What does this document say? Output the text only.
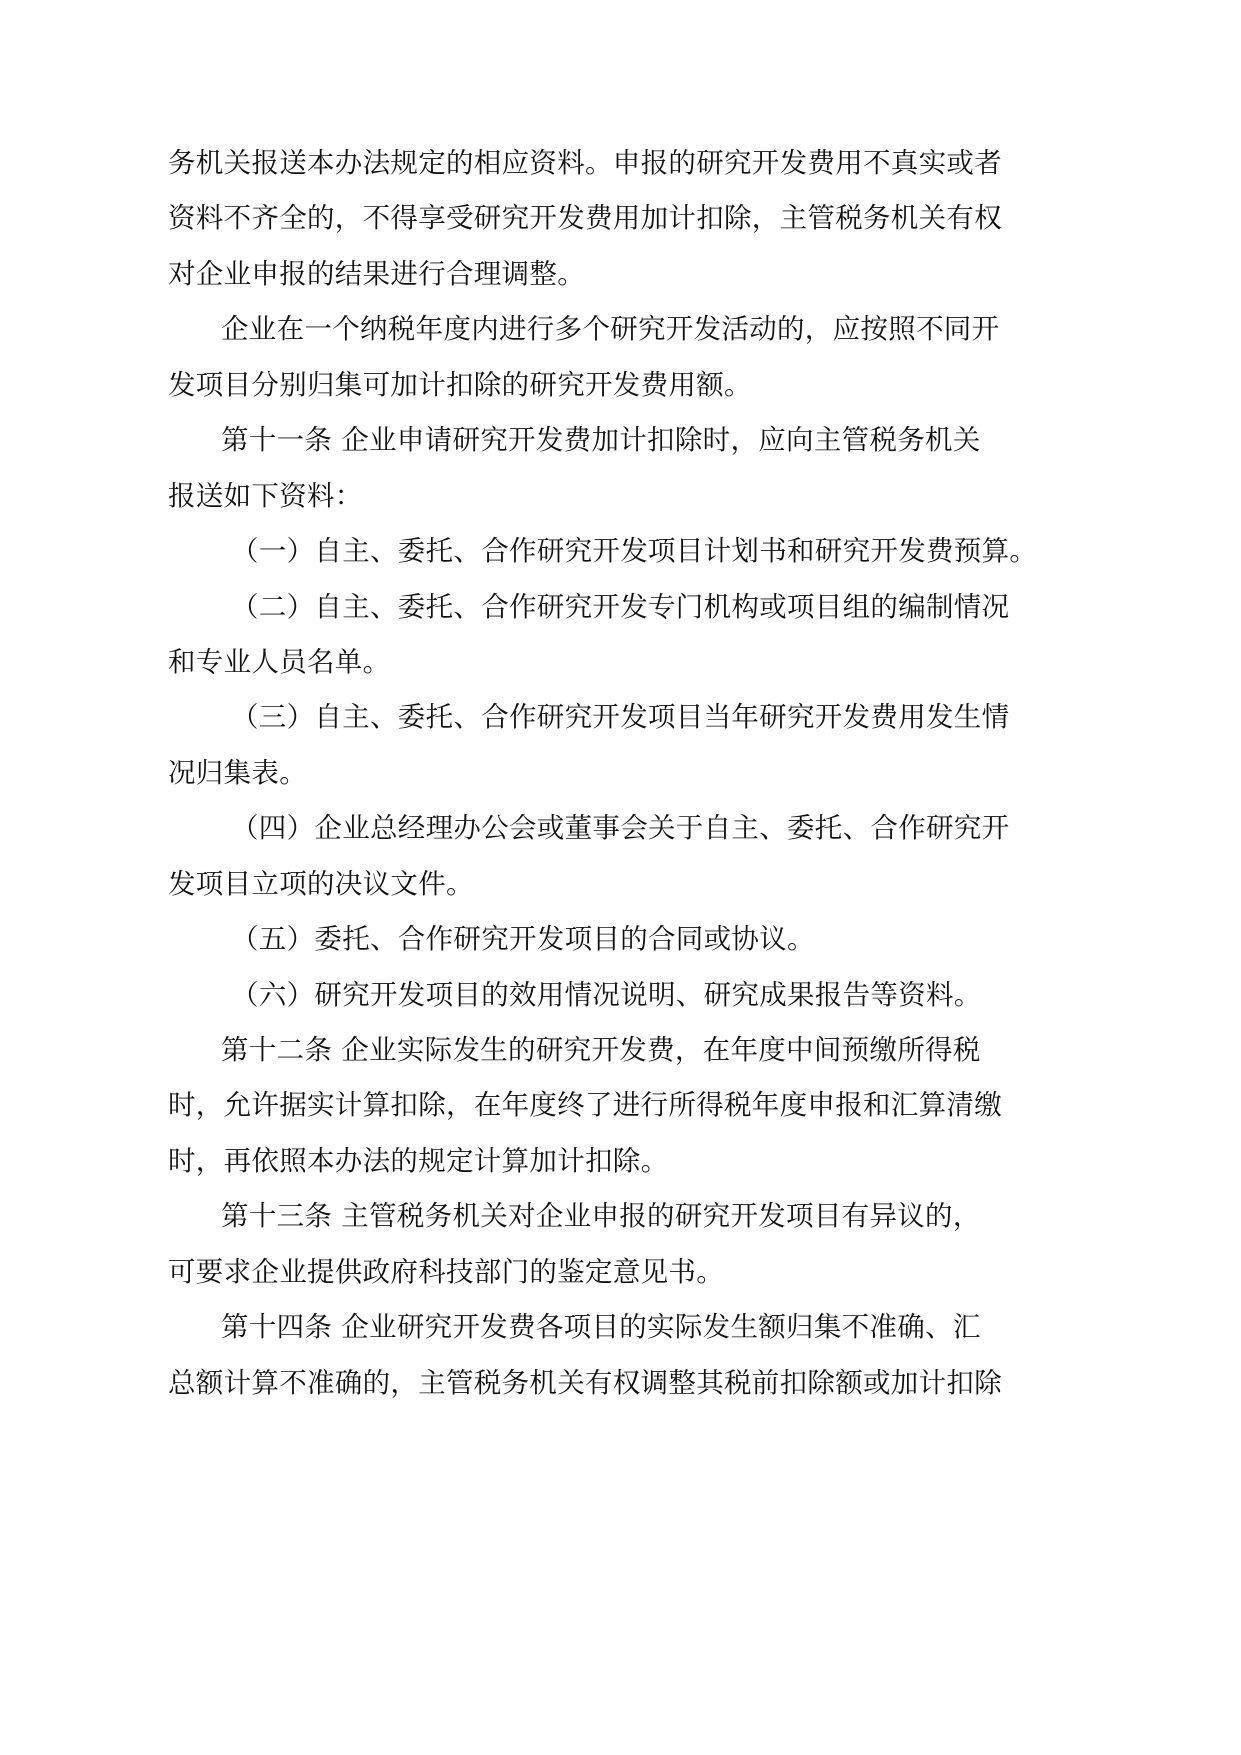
务机关报送本办法规定的相应资料。申报的研究开发费用不真实或者
资料不齐全的，不得享受研究开发费用加计扣除，主管税务机关有权
对企业申报的结果进行合理调整。
企业在一个纳税年度内进行多个研究开发活动的，应按照不同开
发项目分别归集可加计扣除的研究开发费用额。
第十一条 企业申请研究开发费加计扣除时，应向主管税务机关
报送如下资料：
（一）自主、委托、合作研究开发项目计划书和研究开发费预算。
（二）自主、委托、合作研究开发专门机构或项目组的编制情况
和专业人员名单。
（三）自主、委托、合作研究开发项目当年研究开发费用发生情
况归集表。
（四）企业总经理办公会或董事会关于自主、委托、合作研究开
发项目立项的决议文件。
（五）委托、合作研究开发项目的合同或协议。
（六）研究开发项目的效用情况说明、研究成果报告等资料。
第十二条 企业实际发生的研究开发费，在年度中间预缴所得税
时，允许据实计算扣除，在年度终了进行所得税年度申报和汇算清缴
时，再依照本办法的规定计算加计扣除。
第十三条 主管税务机关对企业申报的研究开发项目有异议的，
可要求企业提供政府科技部门的鉴定意见书。
第十四条 企业研究开发费各项目的实际发生额归集不准确、汇
总额计算不准确的，主管税务机关有权调整其税前扣除额或加计扣除
